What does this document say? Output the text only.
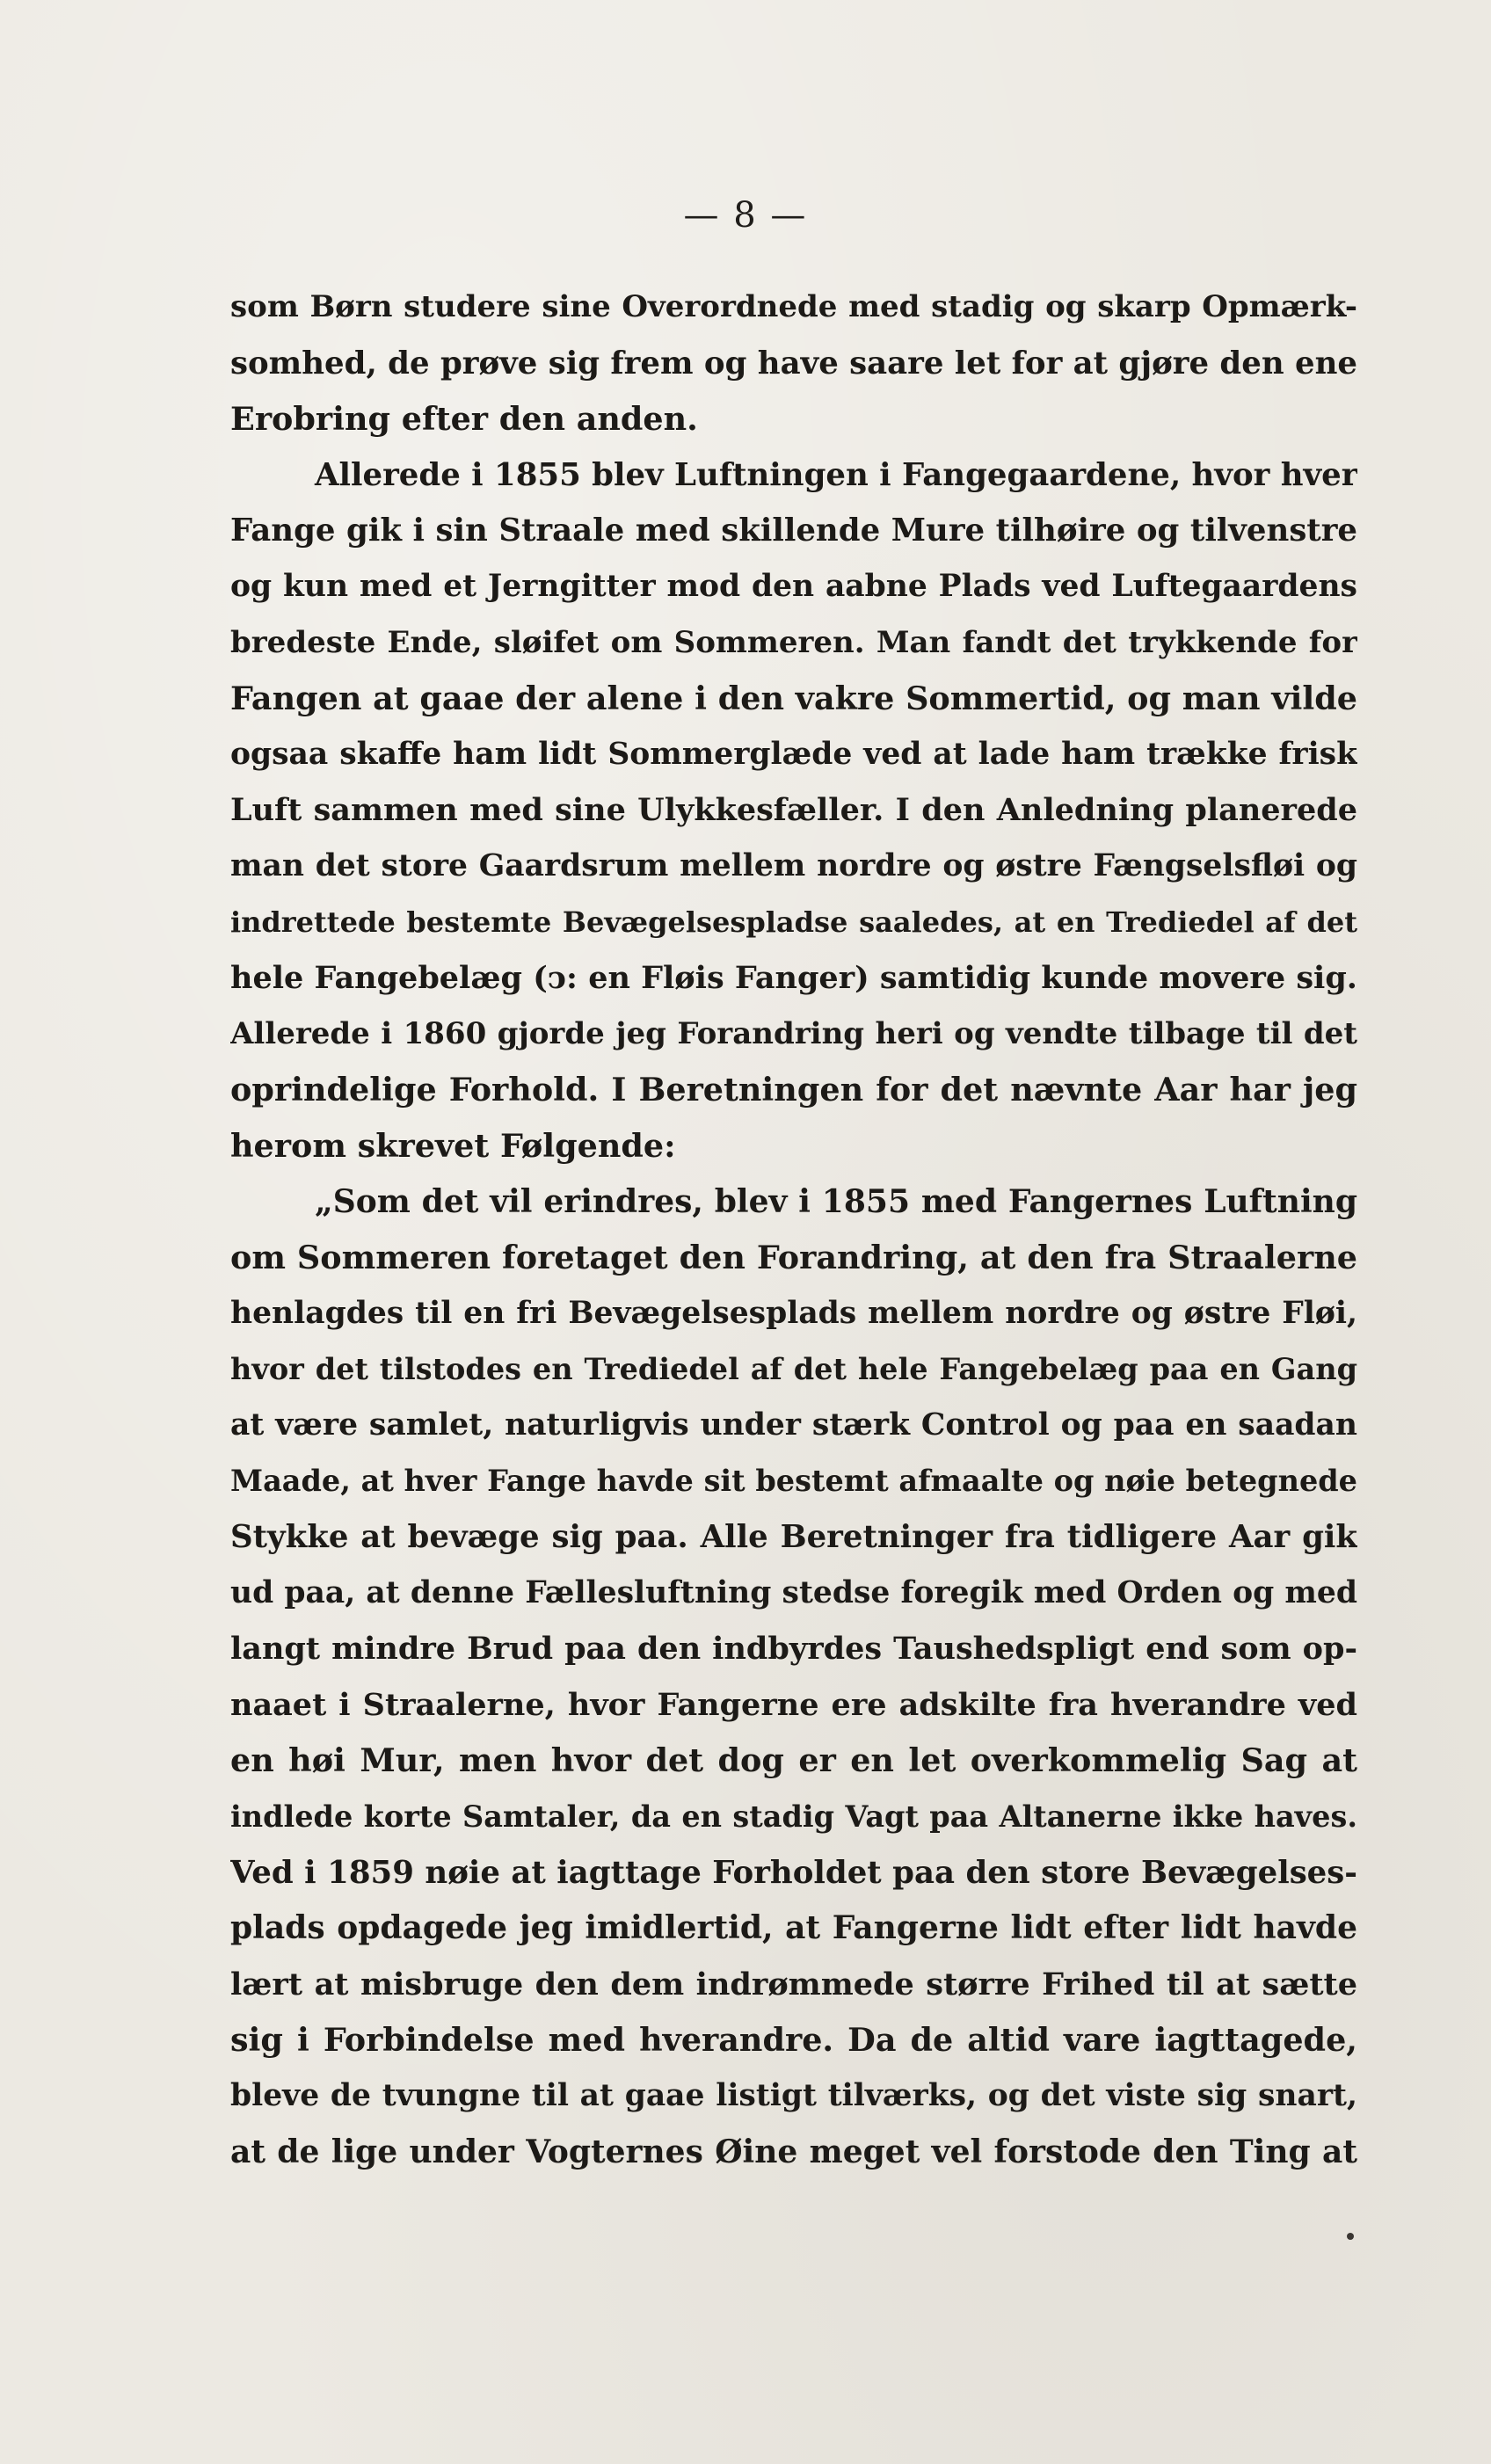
— 8 —
som Børn studere sine Overordnede med stadig og skarp Opmærk-
somhed, de prøve sig frem og have saare let for at gjøre den ene
Erobring efter den anden.
Allerede i 1855 blev Luftningen i Fangegaardene, hvor hver
Fange gik i sin Straale med skillende Mure tilhøire og tilvenstre
og kun med et Jerngitter mod den aabne Plads ved Luftegaardens
bredeste Ende, sløifet om Sommeren. Man fandt det trykkende for
Fangen at gaae der alene i den vakre Sommertid, og man vilde
ogsaa skaffe ham lidt Sommerglæde ved at lade ham trække frisk
Luft sammen med sine Ulykkesfæller. I den Anledning planerede
man det store Gaardsrum mellem nordre og østre Fængselsfløi og
indrettede bestemte Bevægelsespladse saaledes, at en Trediedel af det
hele Fangebelæg (ↄ: en Fløis Fanger) samtidig kunde movere sig.
Allerede i 1860 gjorde jeg Forandring heri og vendte tilbage til det
oprindelige Forhold. I Beretningen for det nævnte Aar har jeg
herom skrevet Følgende:
„Som det vil erindres, blev i 1855 med Fangernes Luftning
om Sommeren foretaget den Forandring, at den fra Straalerne
henlagdes til en fri Bevægelsesplads mellem nordre og østre Fløi,
hvor det tilstodes en Trediedel af det hele Fangebelæg paa en Gang
at være samlet, naturligvis under stærk Control og paa en saadan
Maade, at hver Fange havde sit bestemt afmaalte og nøie betegnede
Stykke at bevæge sig paa. Alle Beretninger fra tidligere Aar gik
ud paa, at denne Fællesluftning stedse foregik med Orden og med
langt mindre Brud paa den indbyrdes Taushedspligt end som op-
naaet i Straalerne, hvor Fangerne ere adskilte fra hverandre ved
en høi Mur, men hvor det dog er en let overkommelig Sag at
indlede korte Samtaler, da en stadig Vagt paa Altanerne ikke haves.
Ved i 1859 nøie at iagttage Forholdet paa den store Bevægelses-
plads opdagede jeg imidlertid, at Fangerne lidt efter lidt havde
lært at misbruge den dem indrømmede større Frihed til at sætte
sig i Forbindelse med hverandre. Da de altid vare iagttagede,
bleve de tvungne til at gaae listigt tilværks, og det viste sig snart,
at de lige under Vogternes Øine meget vel forstode den Ting at
